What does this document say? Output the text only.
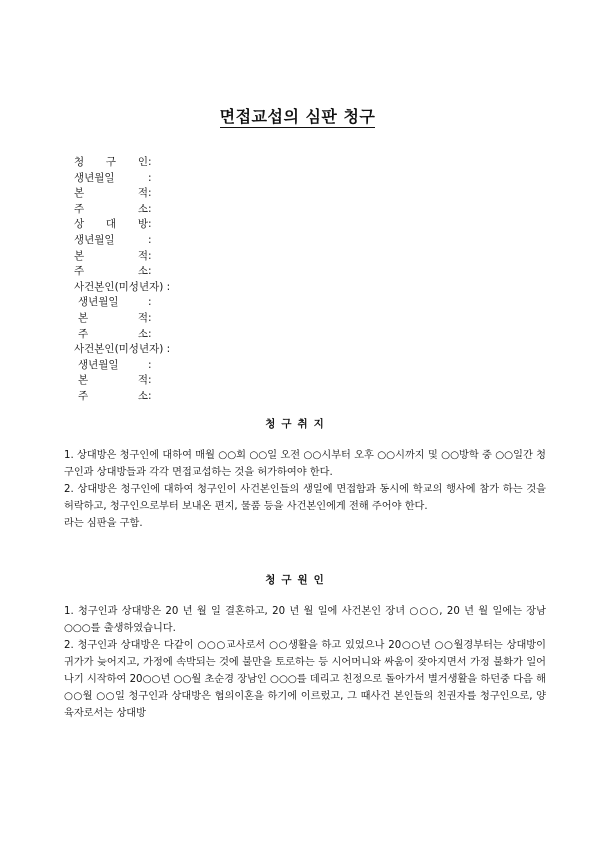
면접교섭의 심판 청구
청 구 인:
생년월일	:
본 적:
주 소:
상 대 방:
생년월일	:
본 적:
주 소:
사건본인(미성년자) :
생년월일	:
본 적:
주 소:
사건본인(미성년자) :
생년월일	:
본 적:
주 소:
청구취지

1. 상대방은 청구인에 대하여 매월 ○○회 ○○일 오전 ○○시부터 오후 ○○시까지 및 ○○방학 중 ○○일간 청구인과 상대방들과 각각 면접교섭하는 것을 허가하여야 한다.

2. 상대방은 청구인에 대하여 청구인이 사건본인들의 생일에 면접함과 동시에 학교의 행사에 참가 하는 것을 허락하고, 청구인으로부터 보내온 편지, 물품 등을 사건본인에게 전해 주어야 한다.

라는 심판을 구함.

청구원인

1. 청구인과 상대방은 20 년 월 일 결혼하고, 20 년 월 일에 사건본인 장녀 ○○○, 20 년 월 일에는 장남 ○○○를 출생하였습니다.

2. 청구인과 상대방은 다같이 ○○○교사로서 ○○생활을 하고 있었으나 20○○년 ○○월경부터는 상대방이 귀가가 늦어지고, 가정에 속박되는 것에 불만을 토로하는 등 시어머니와 싸움이 잦아지면서 가정 불화가 일어나기 시작하여 20○○년 ○○월 초순경 장남인 ○○○를 데리고 친정으로 돌아가서 별거생활을 하던중 다음 해 ○○월 ○○일 청구인과 상대방은 협의이혼을 하기에 이르렀고, 그 때사건 본인들의 친권자를 청구인으로, 양육자로서는 상대방
